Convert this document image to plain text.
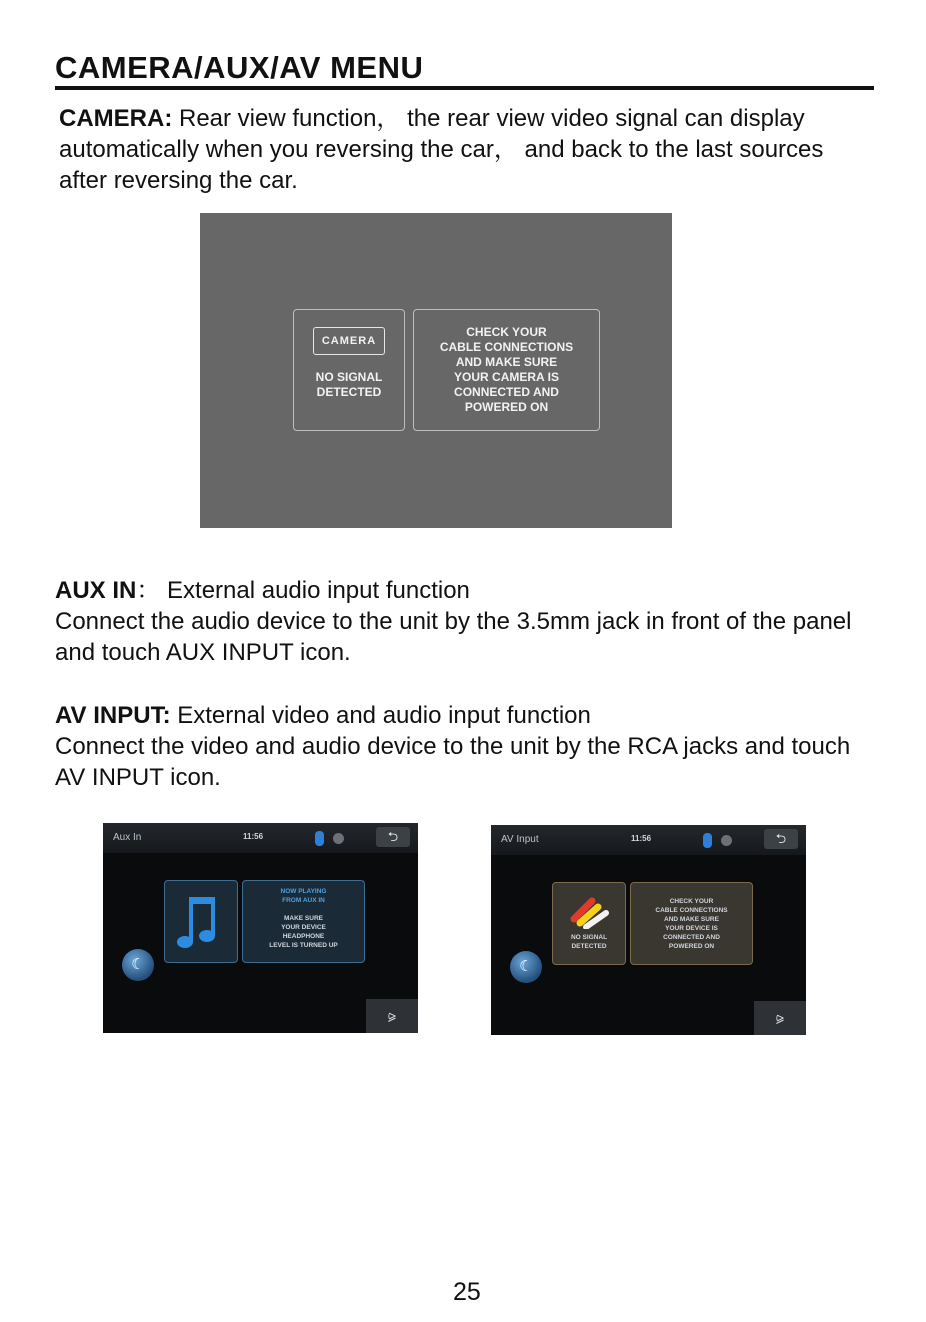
CAMERA/AUX/AV MENU

CAMERA: Rear view function， the rear view video signal can display automatically when you reversing the car， and back to the last sources after reversing the car.

CAMERA
NO SIGNAL
DETECTED
CHECK YOUR
CABLE CONNECTIONS
AND MAKE SURE
YOUR CAMERA IS
CONNECTED AND
POWERED ON

AUX IN： External audio input function
Connect the audio device to the unit by the 3.5mm jack in front of the panel and touch AUX INPUT icon.

AV INPUT: External video and audio input function
Connect the video and audio device to the unit by the RCA jacks and touch AV INPUT icon.

Aux In	11:56	⮌
NOW PLAYING
FROM AUX IN
MAKE SURE
YOUR DEVICE
HEADPHONE
LEVEL IS TURNED UP
☾
⪩
AV Input	11:56	⮌
NO SIGNAL
DETECTED
CHECK YOUR
CABLE CONNECTIONS
AND MAKE SURE
YOUR DEVICE IS
CONNECTED AND
POWERED ON
☾
⪩
25
